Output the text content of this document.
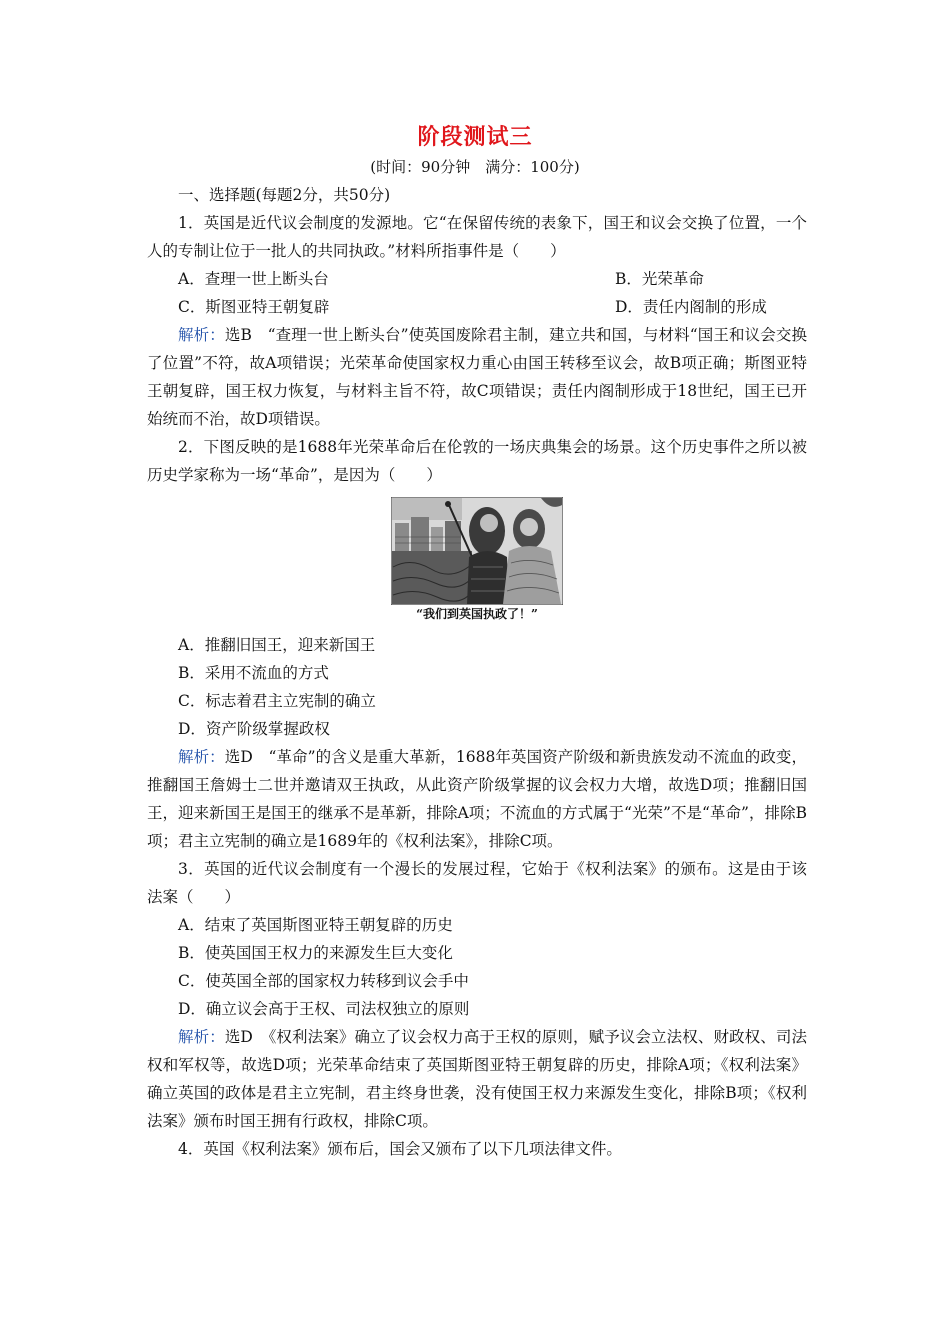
阶段测试三
(时间：90分钟　满分：100分)

一、选择题(每题2分，共50分)

1．英国是近代议会制度的发源地。它“在保留传统的表象下，国王和议会交换了位置，一个人的专制让位于一批人的共同执政。”材料所指事件是（　　）

A．查理一世上断头台	B．光荣革命
C．斯图亚特王朝复辟	D．责任内阁制的形成

解析：选B　“查理一世上断头台”使英国废除君主制，建立共和国，与材料“国王和议会交换了位置”不符，故A项错误；光荣革命使国家权力重心由国王转移至议会，故B项正确；斯图亚特王朝复辟，国王权力恢复，与材料主旨不符，故C项错误；责任内阁制形成于18世纪，国王已开始统而不治，故D项错误。

2．下图反映的是1688年光荣革命后在伦敦的一场庆典集会的场景。这个历史事件之所以被历史学家称为一场“革命”，是因为（　　）

“我们到英国执政了！”

A．推翻旧国王，迎来新国王

B．采用不流血的方式

C．标志着君主立宪制的确立

D．资产阶级掌握政权

解析：选D　“革命”的含义是重大革新，1688年英国资产阶级和新贵族发动不流血的政变，推翻国王詹姆士二世并邀请双王执政，从此资产阶级掌握的议会权力大增，故选D项；推翻旧国王，迎来新国王是国王的继承不是革新，排除A项；不流血的方式属于“光荣”不是“革命”，排除B项；君主立宪制的确立是1689年的《权利法案》，排除C项。

3．英国的近代议会制度有一个漫长的发展过程，它始于《权利法案》的颁布。这是由于该法案（　　）

A．结束了英国斯图亚特王朝复辟的历史

B．使英国国王权力的来源发生巨大变化

C．使英国全部的国家权力转移到议会手中

D．确立议会高于王权、司法权独立的原则

解析：选D　《权利法案》确立了议会权力高于王权的原则，赋予议会立法权、财政权、司法权和军权等，故选D项；光荣革命结束了英国斯图亚特王朝复辟的历史，排除A项；《权利法案》确立英国的政体是君主立宪制，君主终身世袭，没有使国王权力来源发生变化，排除B项；《权利法案》颁布时国王拥有行政权，排除C项。

4．英国《权利法案》颁布后，国会又颁布了以下几项法律文件。
